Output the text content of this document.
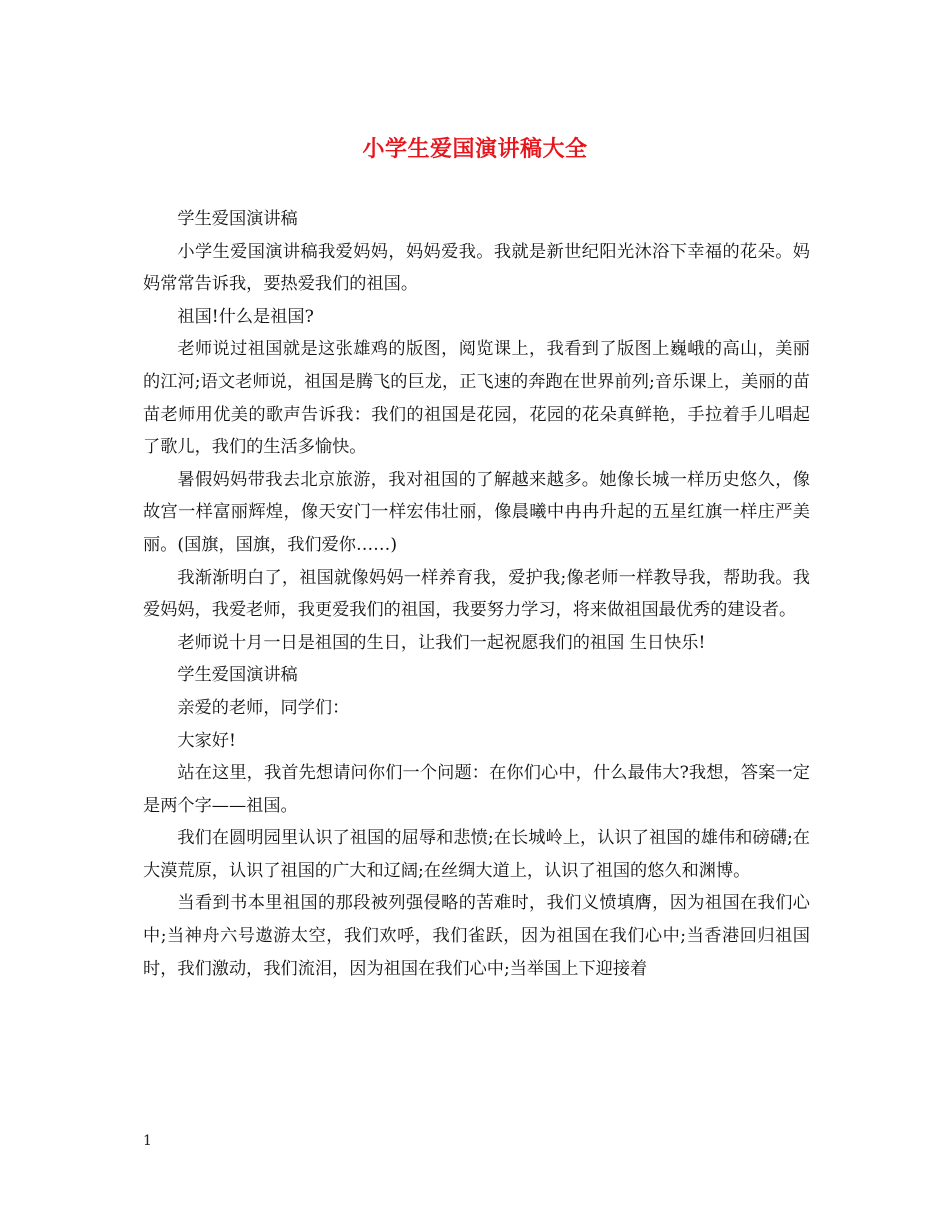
小学生爱国演讲稿大全

学生爱国演讲稿

小学生爱国演讲稿我爱妈妈，妈妈爱我。我就是新世纪阳光沐浴下幸福的花朵。妈妈常常告诉我，要热爱我们的祖国。

祖国!什么是祖国?

老师说过祖国就是这张雄鸡的版图，阅览课上，我看到了版图上巍峨的高山，美丽的江河;语文老师说，祖国是腾飞的巨龙，正飞速的奔跑在世界前列;音乐课上，美丽的苗苗老师用优美的歌声告诉我：我们的祖国是花园，花园的花朵真鲜艳，手拉着手儿唱起了歌儿，我们的生活多愉快。

暑假妈妈带我去北京旅游，我对祖国的了解越来越多。她像长城一样历史悠久，像故宫一样富丽辉煌，像天安门一样宏伟壮丽，像晨曦中冉冉升起的五星红旗一样庄严美丽。(国旗，国旗，我们爱你……)

我渐渐明白了，祖国就像妈妈一样养育我，爱护我;像老师一样教导我，帮助我。我爱妈妈，我爱老师，我更爱我们的祖国，我要努力学习，将来做祖国最优秀的建设者。

老师说十月一日是祖国的生日，让我们一起祝愿我们的祖国 生日快乐!

学生爱国演讲稿

亲爱的老师，同学们：

大家好!

站在这里，我首先想请问你们一个问题：在你们心中，什么最伟大?我想，答案一定是两个字——祖国。

我们在圆明园里认识了祖国的屈辱和悲愤;在长城岭上，认识了祖国的雄伟和磅礴;在大漠荒原，认识了祖国的广大和辽阔;在丝绸大道上，认识了祖国的悠久和渊博。

当看到书本里祖国的那段被列强侵略的苦难时，我们义愤填膺，因为祖国在我们心中;当神舟六号遨游太空，我们欢呼，我们雀跃，因为祖国在我们心中;当香港回归祖国时，我们激动，我们流泪，因为祖国在我们心中;当举国上下迎接着

1
